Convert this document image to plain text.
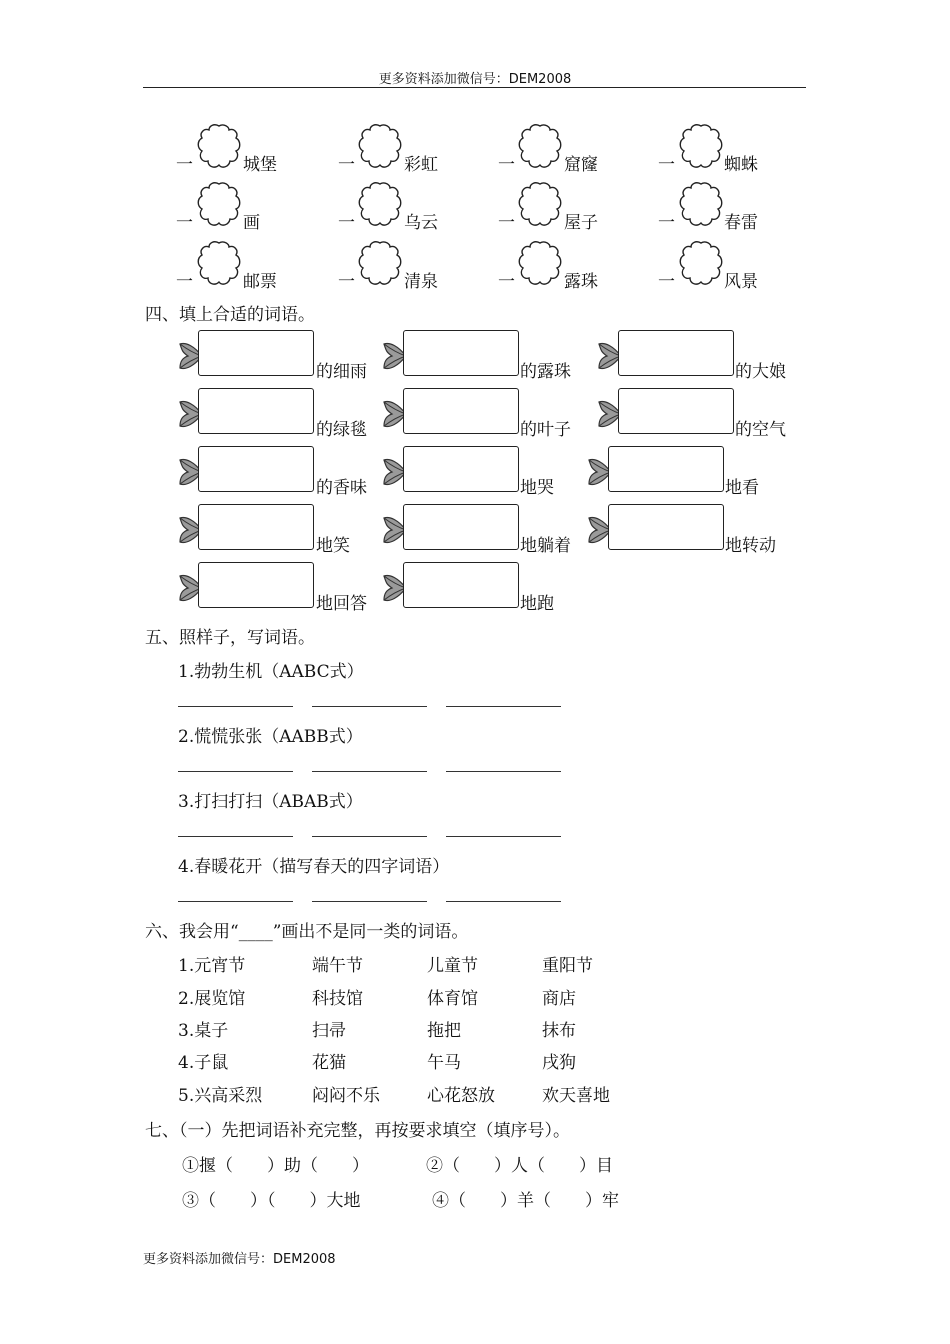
更多资料添加微信号：DEM2008
一	城堡	一	彩虹	一	窟窿	一	蜘蛛
一	画	一	乌云	一	屋子	一	春雷
一	邮票	一	清泉	一	露珠	一	风景
四、填上合适的词语。
的细雨	的露珠	的大娘
的绿毯	的叶子	的空气
的香味	地哭	地看
地笑	地躺着	地转动
地回答	地跑
五、照样子，写词语。
1.勃勃生机（AABC式）
2.慌慌张张（AABB式）
3.打扫打扫（ABAB式）
4.春暖花开（描写春天的四字词语）
六、我会用“____”画出不是同一类的词语。
1.元宵节	端午节	儿童节	重阳节
2.展览馆	科技馆	体育馆	商店
3.桌子	扫帚	拖把	抹布
4.子鼠	花猫	午马	戌狗
5.兴高采烈	闷闷不乐	心花怒放	欢天喜地
七、（一）先把词语补充完整，再按要求填空（填序号）。
①揠（　　）助（　　）	②（　　）人（　　）目
③（　　）（　　）大地	④（　　）羊（　　）牢
更多资料添加微信号：DEM2008
